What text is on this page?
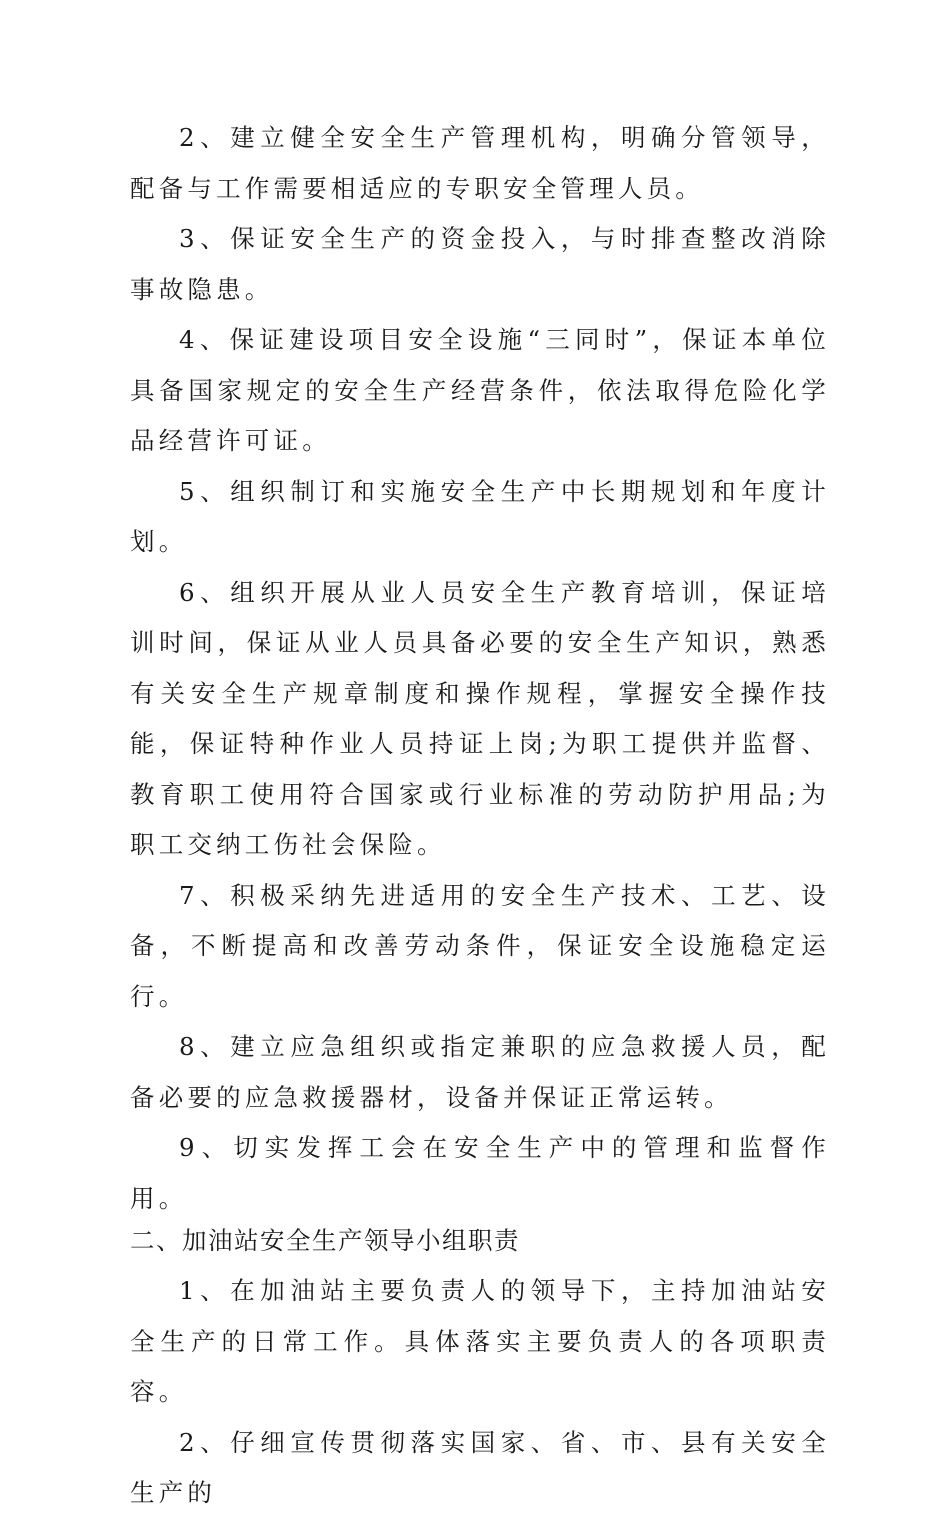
2、建立健全安全生产管理机构，明确分管领导，配备与工作需要相适应的专职安全管理人员。

3、保证安全生产的资金投入，与时排查整改消除事故隐患。

4、保证建设项目安全设施“三同时”，保证本单位具备国家规定的安全生产经营条件，依法取得危险化学品经营许可证。

5、组织制订和实施安全生产中长期规划和年度计划。

6、组织开展从业人员安全生产教育培训，保证培训时间，保证从业人员具备必要的安全生产知识，熟悉有关安全生产规章制度和操作规程，掌握安全操作技能，保证特种作业人员持证上岗;为职工提供并监督、教育职工使用符合国家或行业标准的劳动防护用品;为职工交纳工伤社会保险。

7、积极采纳先进适用的安全生产技术、工艺、设备，不断提高和改善劳动条件，保证安全设施稳定运行。

8、建立应急组织或指定兼职的应急救援人员，配备必要的应急救援器材，设备并保证正常运转。

9、切实发挥工会在安全生产中的管理和监督作用。

二、加油站安全生产领导小组职责

1、在加油站主要负责人的领导下，主持加油站安全生产的日常工作。具体落实主要负责人的各项职责容。

2、仔细宣传贯彻落实国家、省、市、县有关安全生产的
